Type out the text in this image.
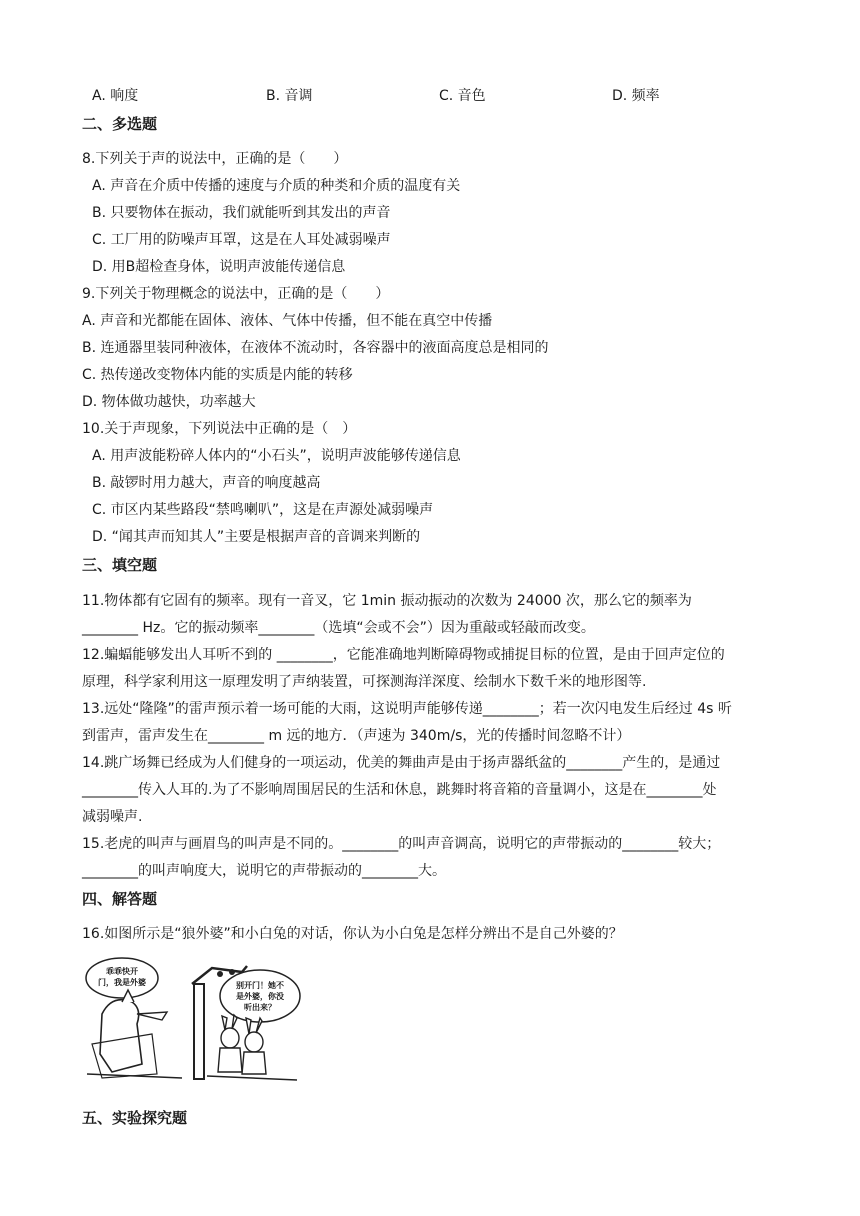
A. 响度	B. 音调	C. 音色	D. 频率
二、多选题
8.下列关于声的说法中，正确的是（　　）
A. 声音在介质中传播的速度与介质的种类和介质的温度有关
B. 只要物体在振动，我们就能听到其发出的声音
C. 工厂用的防噪声耳罩，这是在人耳处减弱噪声
D. 用B超检查身体，说明声波能传递信息
9.下列关于物理概念的说法中，正确的是（　　）
A. 声音和光都能在固体、液体、气体中传播，但不能在真空中传播
B. 连通器里装同种液体，在液体不流动时，各容器中的液面高度总是相同的
C. 热传递改变物体内能的实质是内能的转移
D. 物体做功越快，功率越大
10.关于声现象，下列说法中正确的是（　）
A. 用声波能粉碎人体内的“小石头”，说明声波能够传递信息
B. 敲锣时用力越大，声音的响度越高
C. 市区内某些路段“禁鸣喇叭”，这是在声源处减弱噪声
D. “闻其声而知其人”主要是根据声音的音调来判断的
三、填空题
11.物体都有它固有的频率。现有一音叉，它 1min 振动振动的次数为 24000 次，那么它的频率为
________ Hz。它的振动频率________（选填“会或不会”）因为重敲或轻敲而改变。
12.蝙蝠能够发出人耳听不到的 ________，它能准确地判断障碍物或捕捉目标的位置，是由于回声定位的
原理，科学家利用这一原理发明了声纳装置，可探测海洋深度、绘制水下数千米的地形图等.
13.远处“隆隆”的雷声预示着一场可能的大雨，这说明声能够传递________；若一次闪电发生后经过 4s 听
到雷声，雷声发生在________ m 远的地方．（声速为 340m/s，光的传播时间忽略不计）
14.跳广场舞已经成为人们健身的一项运动，优美的舞曲声是由于扬声器纸盆的________产生的，是通过
________传入人耳的.为了不影响周围居民的生活和休息，跳舞时将音箱的音量调小，这是在________处
减弱噪声.
15.老虎的叫声与画眉鸟的叫声是不同的。________的叫声音调高，说明它的声带振动的________较大；
________的叫声响度大，说明它的声带振动的________大。
四、解答题
16.如图所示是“狼外婆”和小白兔的对话，你认为小白兔是怎样分辨出不是自己外婆的？
乖乖快开
门，我是外婆	别开门！她不
是外婆，你没
听出来？
五、实验探究题
